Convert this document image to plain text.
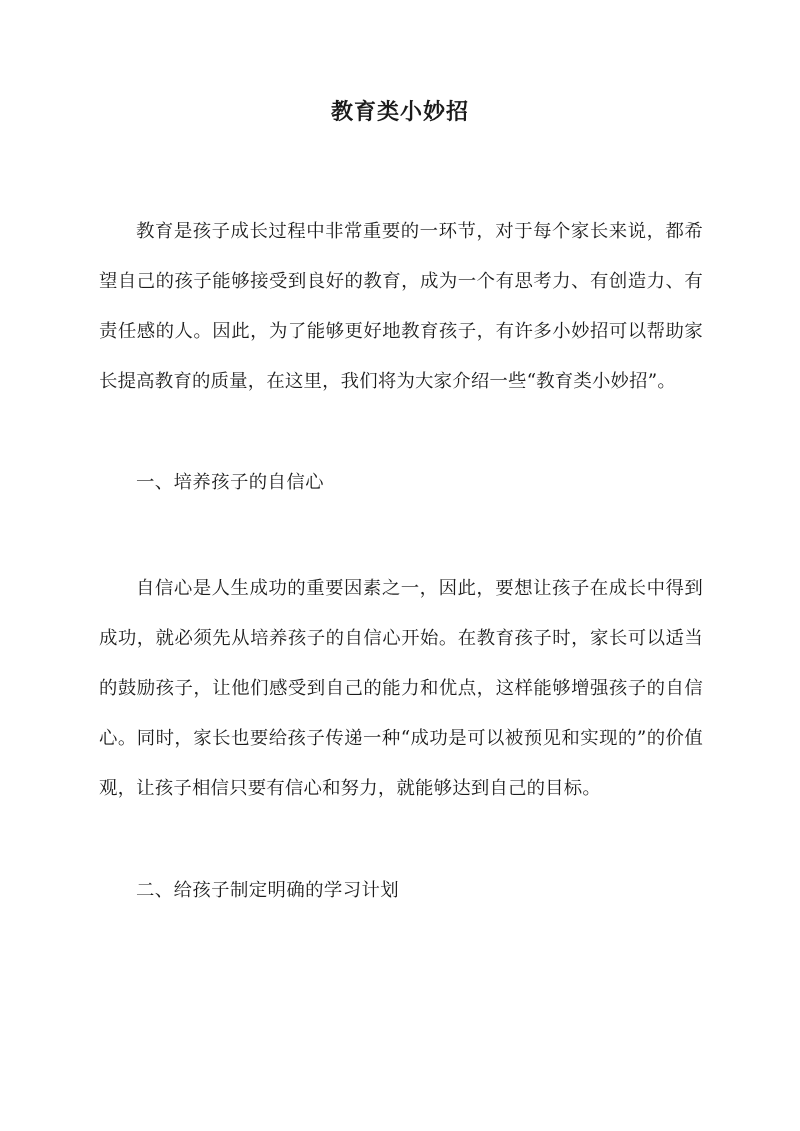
教育类小妙招

教育是孩子成长过程中非常重要的一环节，对于每个家长来说，都希望自己的孩子能够接受到良好的教育，成为一个有思考力、有创造力、有责任感的人。因此，为了能够更好地教育孩子，有许多小妙招可以帮助家长提高教育的质量，在这里，我们将为大家介绍一些“教育类小妙招”。

一、培养孩子的自信心

自信心是人生成功的重要因素之一，因此，要想让孩子在成长中得到成功，就必须先从培养孩子的自信心开始。在教育孩子时，家长可以适当的鼓励孩子，让他们感受到自己的能力和优点，这样能够增强孩子的自信心。同时，家长也要给孩子传递一种“成功是可以被预见和实现的”的价值观，让孩子相信只要有信心和努力，就能够达到自己的目标。

二、给孩子制定明确的学习计划
